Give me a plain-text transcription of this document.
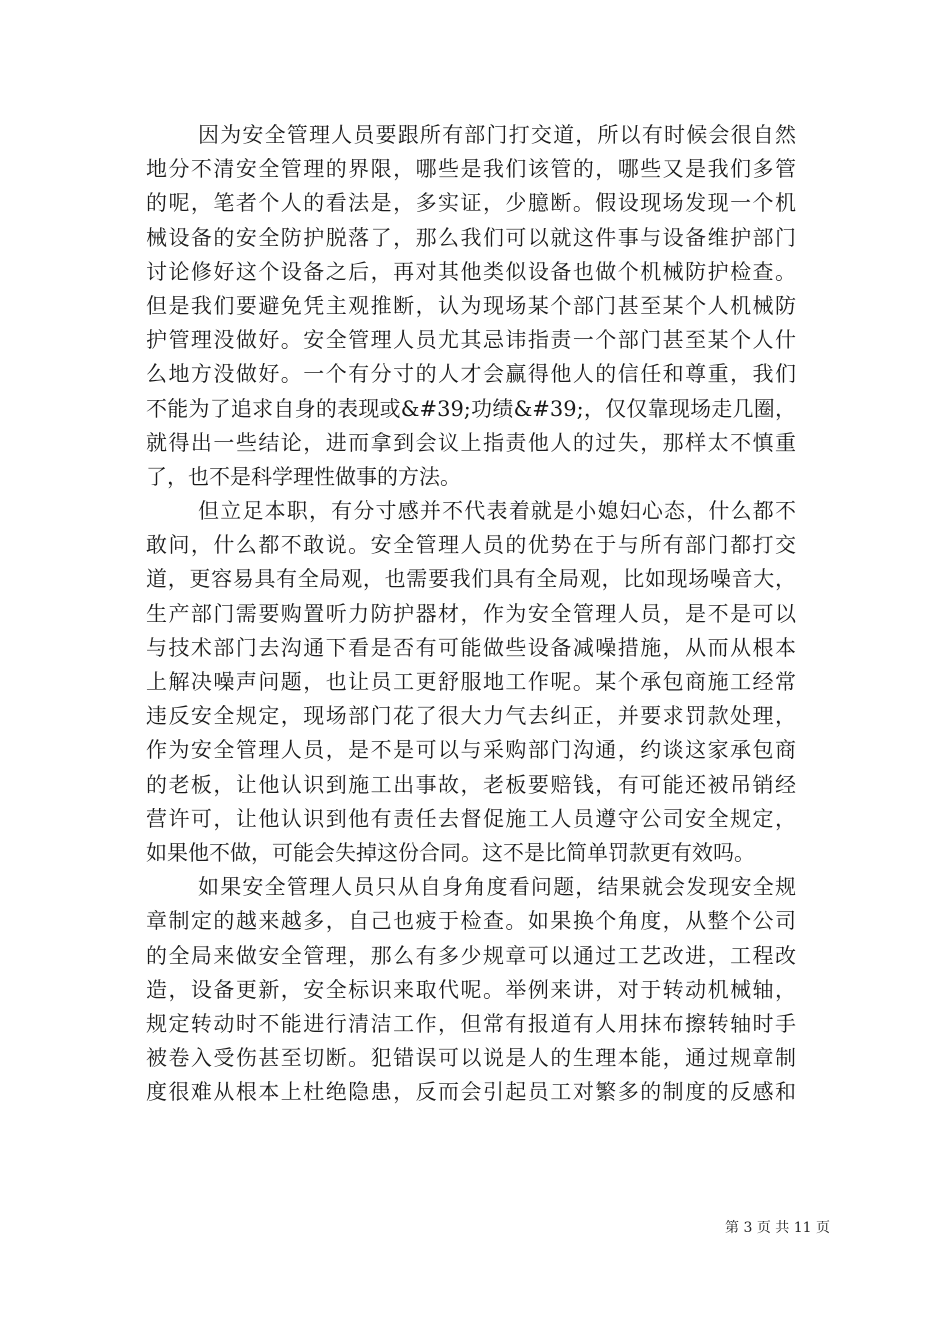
因为安全管理人员要跟所有部门打交道，所以有时候会很自然
地分不清安全管理的界限，哪些是我们该管的，哪些又是我们多管
的呢，笔者个人的看法是，多实证，少臆断。假设现场发现一个机
械设备的安全防护脱落了，那么我们可以就这件事与设备维护部门
讨论修好这个设备之后，再对其他类似设备也做个机械防护检查。
但是我们要避免凭主观推断，认为现场某个部门甚至某个人机械防
护管理没做好。安全管理人员尤其忌讳指责一个部门甚至某个人什
么地方没做好。一个有分寸的人才会赢得他人的信任和尊重，我们
不能为了追求自身的表现或&#39;功绩&#39;，仅仅靠现场走几圈，
就得出一些结论，进而拿到会议上指责他人的过失，那样太不慎重
了，也不是科学理性做事的方法。
但立足本职，有分寸感并不代表着就是小媳妇心态，什么都不
敢问，什么都不敢说。安全管理人员的优势在于与所有部门都打交
道，更容易具有全局观，也需要我们具有全局观，比如现场噪音大，
生产部门需要购置听力防护器材，作为安全管理人员，是不是可以
与技术部门去沟通下看是否有可能做些设备减噪措施，从而从根本
上解决噪声问题，也让员工更舒服地工作呢。某个承包商施工经常
违反安全规定，现场部门花了很大力气去纠正，并要求罚款处理，
作为安全管理人员，是不是可以与采购部门沟通，约谈这家承包商
的老板，让他认识到施工出事故，老板要赔钱，有可能还被吊销经
营许可，让他认识到他有责任去督促施工人员遵守公司安全规定，
如果他不做，可能会失掉这份合同。这不是比简单罚款更有效吗。
如果安全管理人员只从自身角度看问题，结果就会发现安全规
章制定的越来越多，自己也疲于检查。如果换个角度，从整个公司
的全局来做安全管理，那么有多少规章可以通过工艺改进，工程改
造，设备更新，安全标识来取代呢。举例来讲，对于转动机械轴，
规定转动时不能进行清洁工作，但常有报道有人用抹布擦转轴时手
被卷入受伤甚至切断。犯错误可以说是人的生理本能，通过规章制
度很难从根本上杜绝隐患，反而会引起员工对繁多的制度的反感和
第 3 页 共 11 页
